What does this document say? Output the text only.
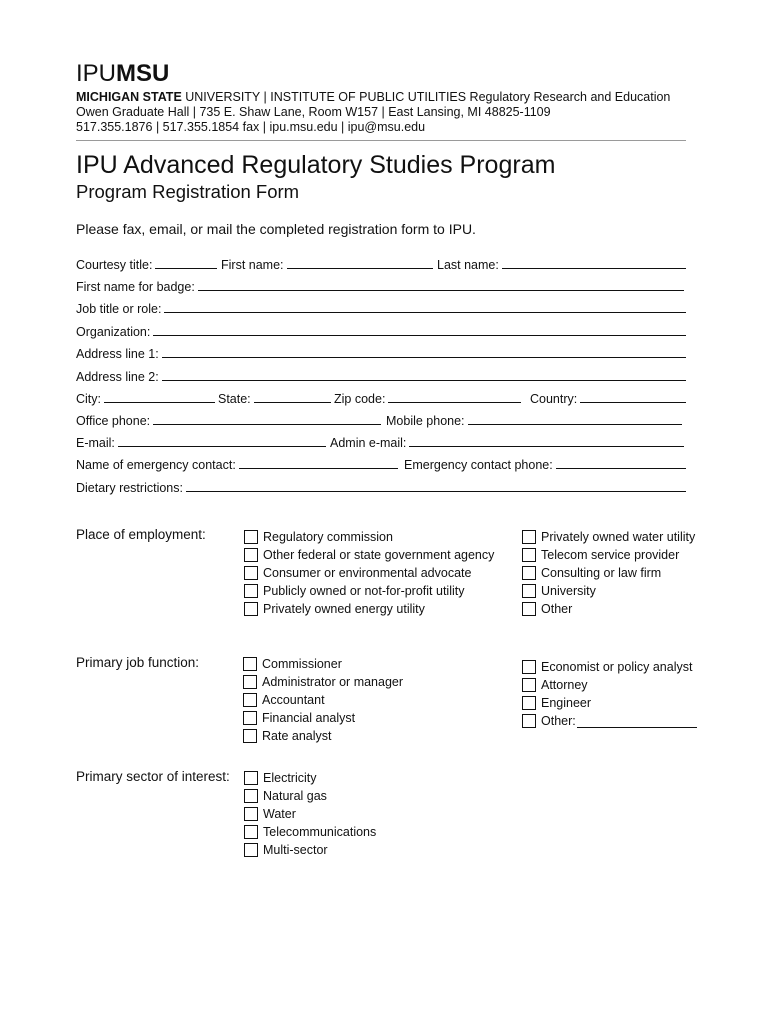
IPUMSU
MICHIGAN STATE UNIVERSITY | INSTITUTE OF PUBLIC UTILITIES Regulatory Research and Education
Owen Graduate Hall | 735 E. Shaw Lane, Room W157 | East Lansing, MI 48825-1109
517.355.1876 | 517.355.1854 fax | ipu.msu.edu | ipu@msu.edu
IPU Advanced Regulatory Studies Program
Program Registration Form
Please fax, email, or mail the completed registration form to IPU.
Courtesy title:	First name:	Last name:
First name for badge:
Job title or role:
Organization:
Address line 1:
Address line 2:
City:	State:	Zip code:	Country:
Office phone:	Mobile phone:
E-mail:	Admin e-mail:
Name of emergency contact:	Emergency contact phone:
Dietary restrictions:
Place of employment:	Regulatory commission
Other federal or state government agency
Consumer or environmental advocate
Publicly owned or not-for-profit utility
Privately owned energy utility
Privately owned water utility
Telecom service provider
Consulting or law firm
University
Other
Primary job function:	Commissioner
Administrator or manager
Accountant
Financial analyst
Rate analyst
Economist or policy analyst
Attorney
Engineer
Other:
Primary sector of interest:	Electricity
Natural gas
Water
Telecommunications
Multi-sector
